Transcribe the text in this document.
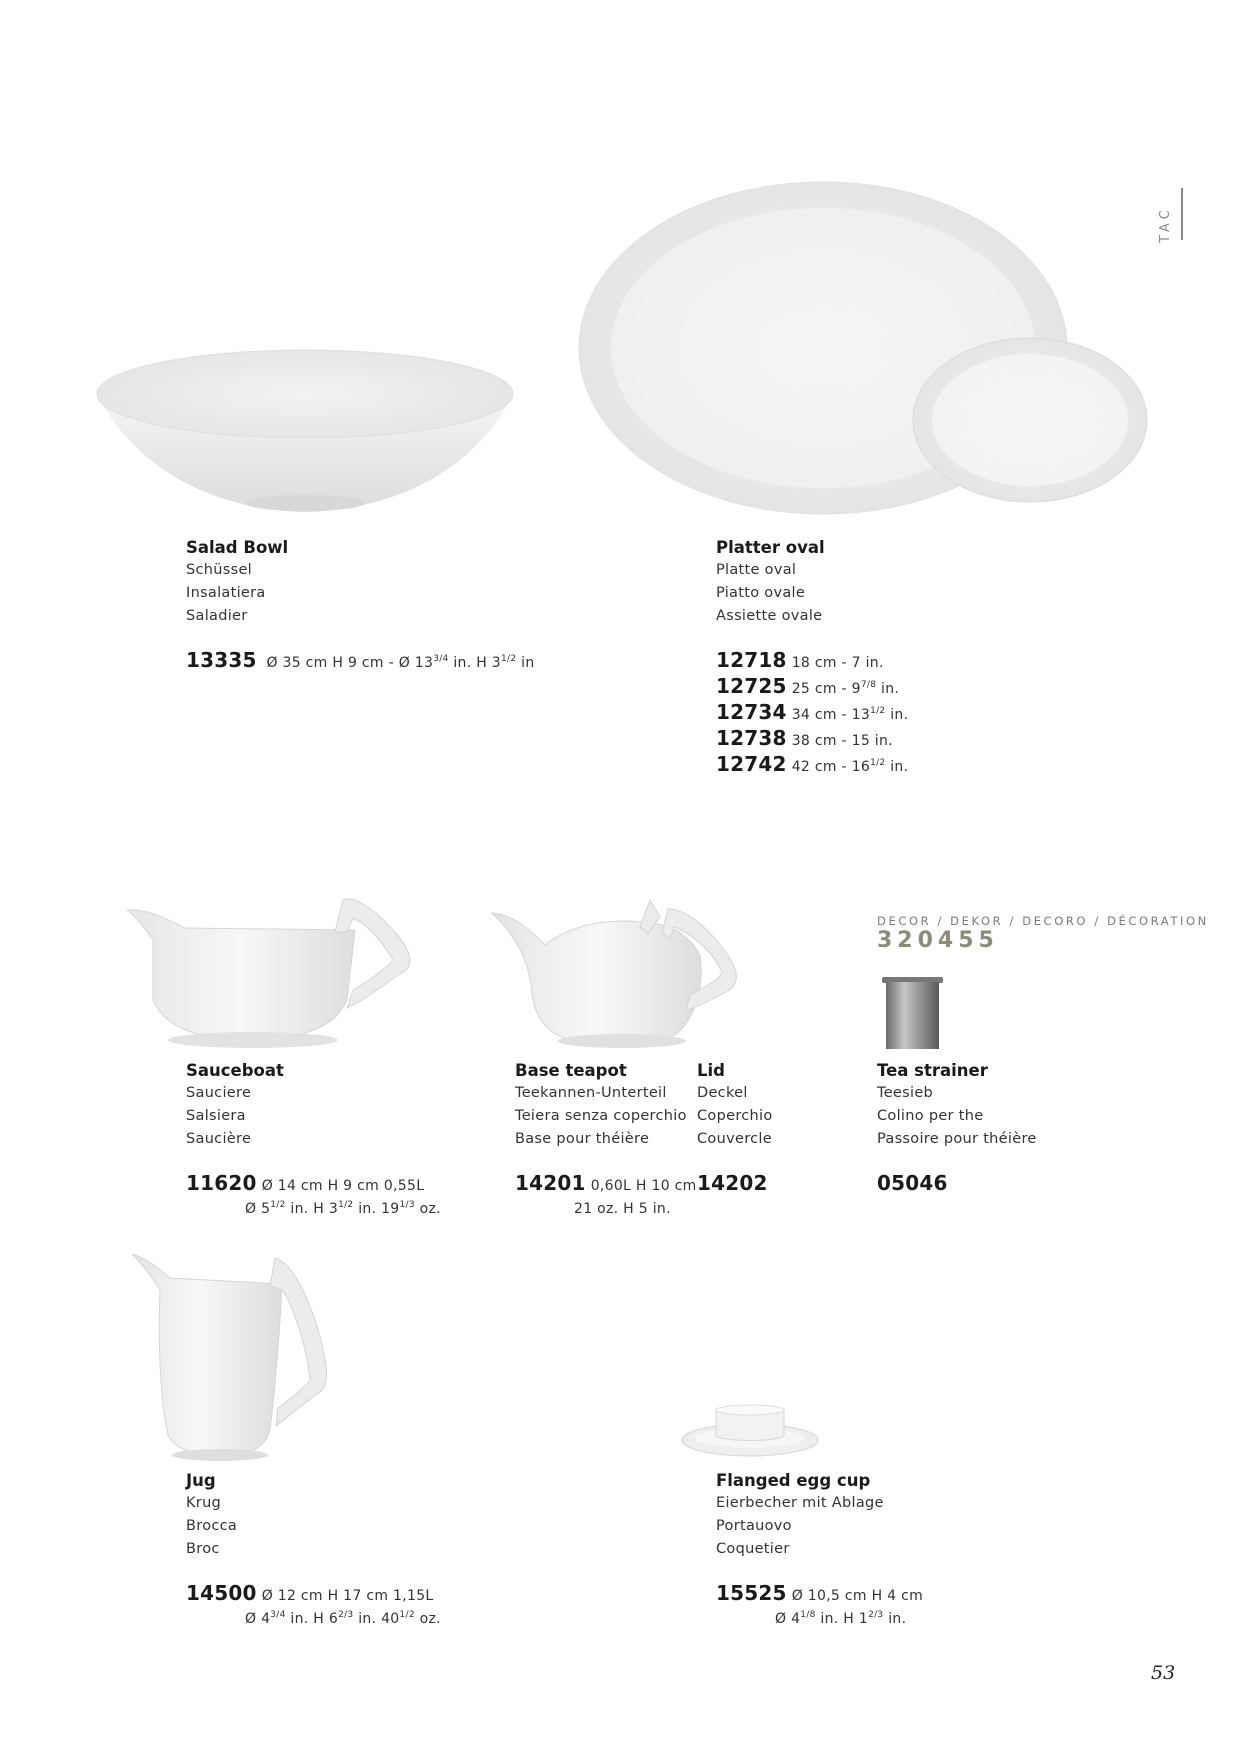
TAC
Salad Bowl
Schüssel
Insalatiera
Saladier
13335 Ø 35 cm H 9 cm - Ø $13^{3/4}$ in. H $3^{1/2}$ in
Platter oval
Platte oval
Piatto ovale
Assiette ovale
12718 18 cm - 7 in.
12725 25 cm - $9^{7/8}$ in.
12734 34 cm - $13^{1/2}$ in.
12738 38 cm - 15 in.
12742 42 cm - $16^{1/2}$ in.
DECOR / DEKOR / DECORO / DÉCORATION
320455
Sauceboat
Sauciere
Salsiera
Saucière
11620 Ø 14 cm H 9 cm 0,55L
Ø $5^{1/2}$ in. H $3^{1/2}$ in. $19^{1/3}$ oz.
Base teapot
Teekannen-Unterteil
Teiera senza coperchio
Base pour théière
14201 0,60L H 10 cm
21 oz. H 5 in.
Lid
Deckel
Coperchio
Couvercle
14202
Tea strainer
Teesieb
Colino per the
Passoire pour théière
05046
Jug
Krug
Brocca
Broc
14500 Ø 12 cm H 17 cm 1,15L
Ø $4^{3/4}$ in. H $6^{2/3}$ in. $40^{1/2}$ oz.
Flanged egg cup
Eierbecher mit Ablage
Portauovo
Coquetier
15525 Ø 10,5 cm H 4 cm
Ø $4^{1/8}$ in. H $1^{2/3}$ in.
53
